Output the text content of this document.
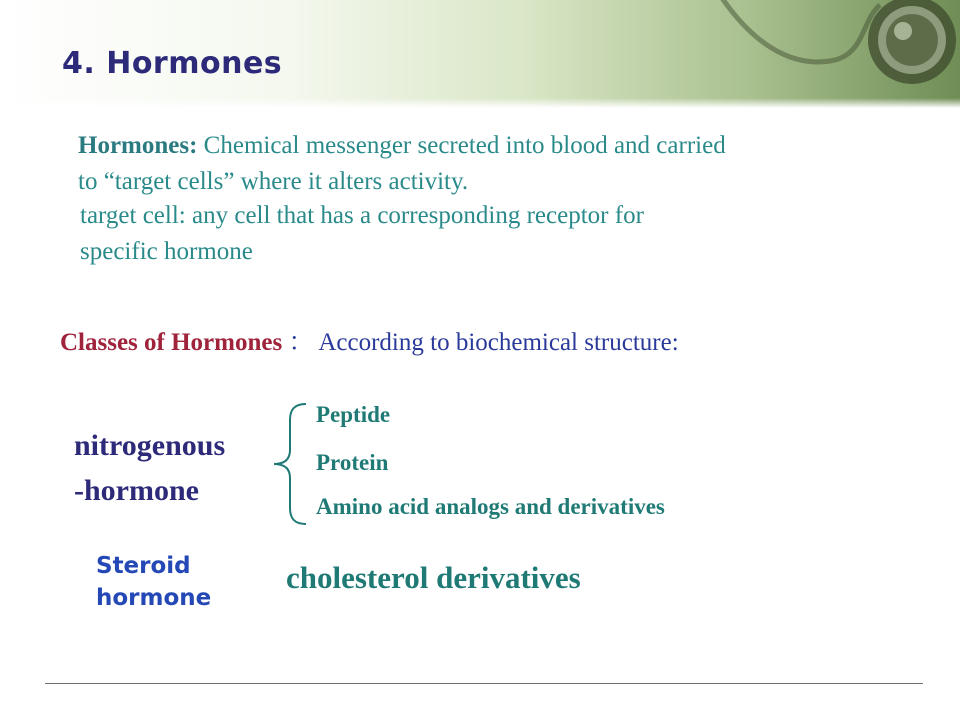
4. Hormones
Hormones: Chemical messenger secreted into blood and carried
to “target cells” where it alters activity.
target cell: any cell that has a corresponding receptor for
specific hormone
Classes of Hormones ： According to biochemical structure:
nitrogenous
-hormone
Peptide
Protein
Amino acid analogs and derivatives
Steroid
hormone
cholesterol derivatives
